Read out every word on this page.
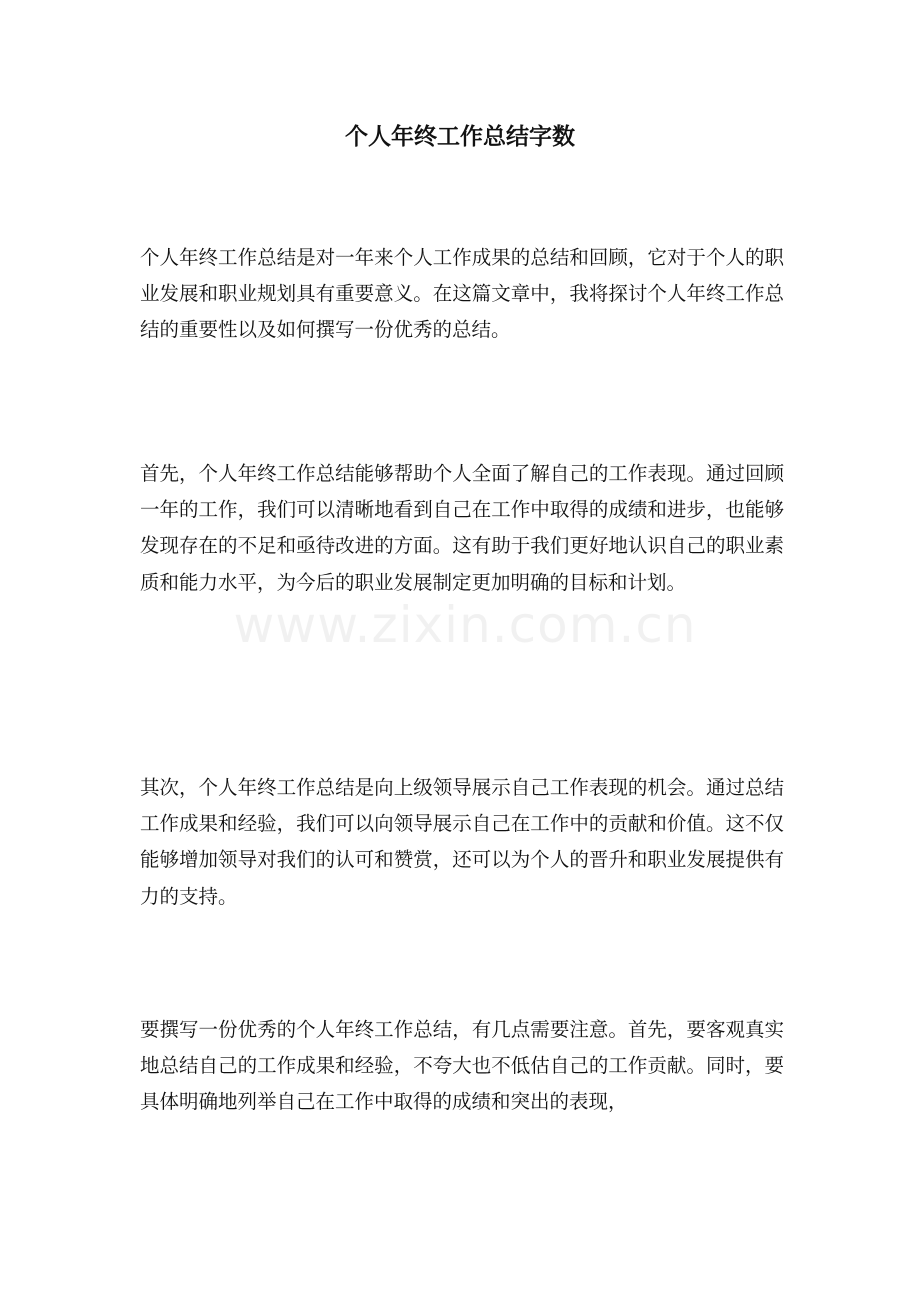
www.zixin.com.cn
个人年终工作总结字数

个人年终工作总结是对一年来个人工作成果的总结和回顾，它对于个人的职业发展和职业规划具有重要意义。在这篇文章中，我将探讨个人年终工作总结的重要性以及如何撰写一份优秀的总结。

首先，个人年终工作总结能够帮助个人全面了解自己的工作表现。通过回顾一年的工作，我们可以清晰地看到自己在工作中取得的成绩和进步，也能够发现存在的不足和亟待改进的方面。这有助于我们更好地认识自己的职业素质和能力水平，为今后的职业发展制定更加明确的目标和计划。

其次，个人年终工作总结是向上级领导展示自己工作表现的机会。通过总结工作成果和经验，我们可以向领导展示自己在工作中的贡献和价值。这不仅能够增加领导对我们的认可和赞赏，还可以为个人的晋升和职业发展提供有力的支持。

要撰写一份优秀的个人年终工作总结，有几点需要注意。首先，要客观真实地总结自己的工作成果和经验，不夸大也不低估自己的工作贡献。同时，要具体明确地列举自己在工作中取得的成绩和突出的表现，
